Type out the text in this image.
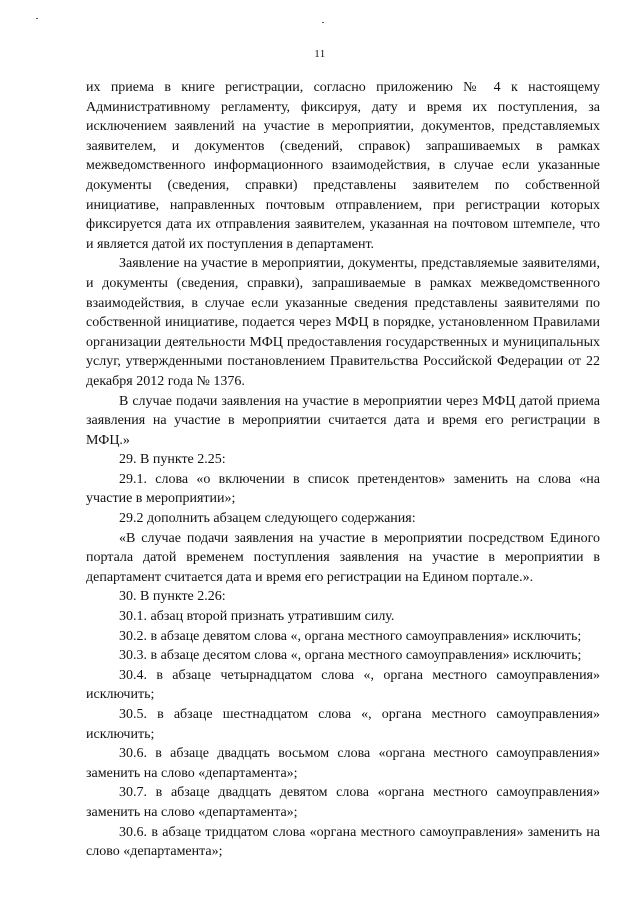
11

их приема в книге регистрации, согласно приложению № 4 к настоящему Административному регламенту, фиксируя, дату и время их поступления, за исключением заявлений на участие в мероприятии, документов, представляемых заявителем, и документов (сведений, справок) запрашиваемых в рамках межведомственного информационного взаимодействия, в случае если указанные документы (сведения, справки) представлены заявителем по собственной инициативе, направленных почтовым отправлением, при регистрации которых фиксируется дата их отправления заявителем, указанная на почтовом штемпеле, что и является датой их поступления в департамент.

Заявление на участие в мероприятии, документы, представляемые заявителями, и документы (сведения, справки), запрашиваемые в рамках межведомственного взаимодействия, в случае если указанные сведения представлены заявителями по собственной инициативе, подается через МФЦ в порядке, установленном Правилами организации деятельности МФЦ предоставления государственных и муниципальных услуг, утвержденными постановлением Правительства Российской Федерации от 22 декабря 2012 года № 1376.

В случае подачи заявления на участие в мероприятии через МФЦ датой приема заявления на участие в мероприятии считается дата и время его регистрации в МФЦ.»

29. В пункте 2.25:

29.1. слова «о включении в список претендентов» заменить на слова «на участие в мероприятии»;

29.2 дополнить абзацем следующего содержания:

«В случае подачи заявления на участие в мероприятии посредством Единого портала датой временем поступления заявления на участие в мероприятии в департамент считается дата и время его регистрации на Едином портале.».

30. В пункте 2.26:

30.1. абзац второй признать утратившим силу.

30.2. в абзаце девятом слова «, органа местного самоуправления» исключить;

30.3. в абзаце десятом слова «, органа местного самоуправления» исключить;

30.4. в абзаце четырнадцатом слова «, органа местного самоуправления» исключить;

30.5. в абзаце шестнадцатом слова «, органа местного самоуправления» исключить;

30.6. в абзаце двадцать восьмом слова «органа местного самоуправления» заменить на слово «департамента»;

30.7. в абзаце двадцать девятом слова «органа местного самоуправления» заменить на слово «департамента»;

30.6. в абзаце тридцатом слова «органа местного самоуправления» заменить на слово «департамента»;
